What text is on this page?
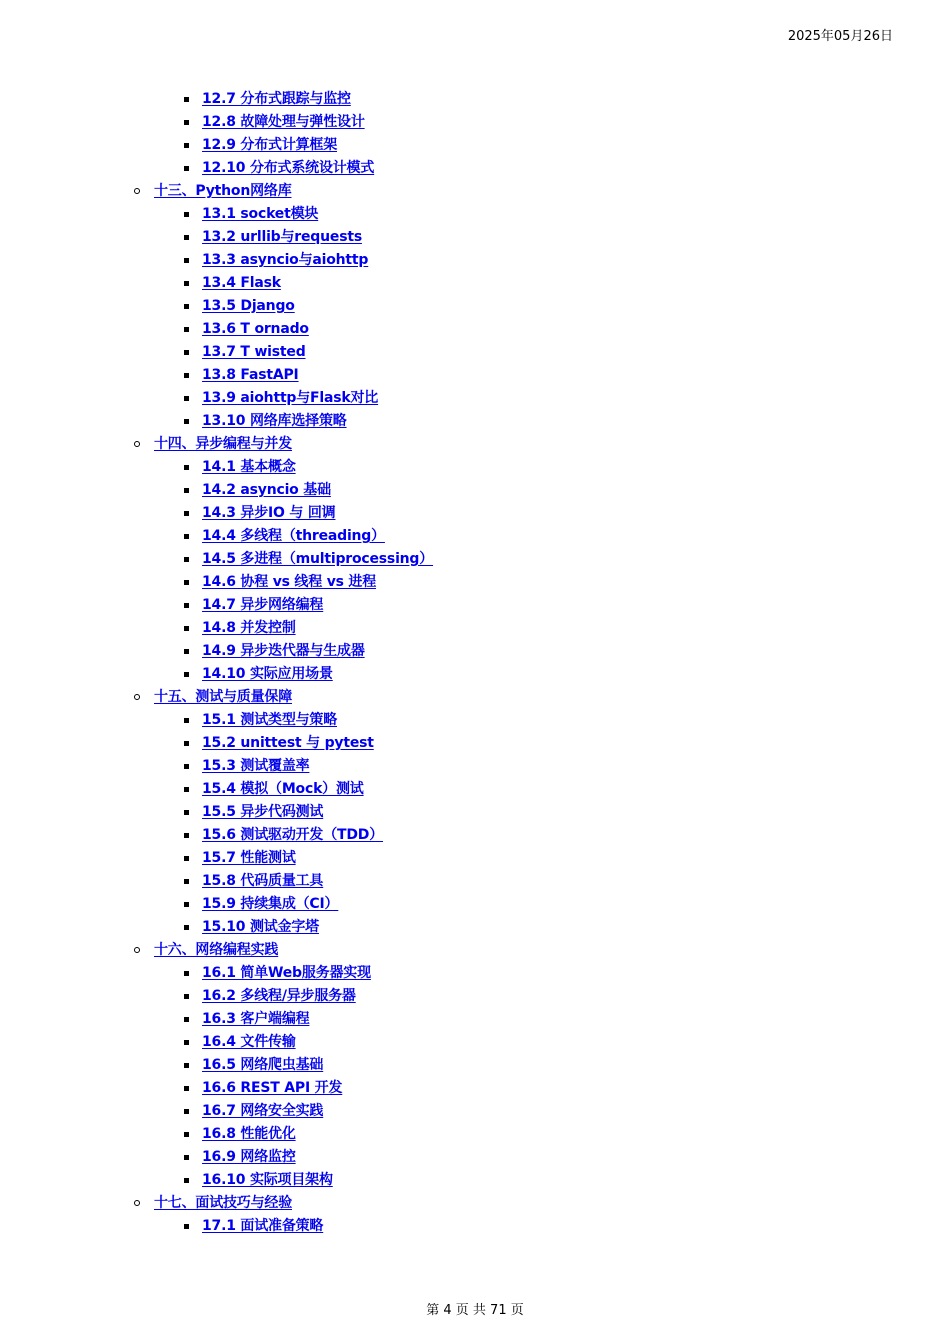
2025年05月26日
12.7 分布式跟踪与监控
12.8 故障处理与弹性设计
12.9 分布式计算框架
12.10 分布式系统设计模式
十三、Python网络库
13.1 socket模块
13.2 urllib与requests
13.3 asyncio与aiohttp
13.4 Flask
13.5 Django
13.6 T ornado
13.7 T wisted
13.8 FastAPI
13.9 aiohttp与Flask对比
13.10 网络库选择策略
十四、异步编程与并发
14.1 基本概念
14.2 asyncio 基础
14.3 异步IO 与 回调
14.4 多线程（threading）
14.5 多进程（multiprocessing）
14.6 协程 vs 线程 vs 进程
14.7 异步网络编程
14.8 并发控制
14.9 异步迭代器与生成器
14.10 实际应用场景
十五、测试与质量保障
15.1 测试类型与策略
15.2 unittest 与 pytest
15.3 测试覆盖率
15.4 模拟（Mock）测试
15.5 异步代码测试
15.6 测试驱动开发（TDD）
15.7 性能测试
15.8 代码质量工具
15.9 持续集成（CI）
15.10 测试金字塔
十六、网络编程实践
16.1 简单Web服务器实现
16.2 多线程/异步服务器
16.3 客户端编程
16.4 文件传输
16.5 网络爬虫基础
16.6 REST API 开发
16.7 网络安全实践
16.8 性能优化
16.9 网络监控
16.10 实际项目架构
十七、面试技巧与经验
17.1 面试准备策略
第 4 页 共 71 页
